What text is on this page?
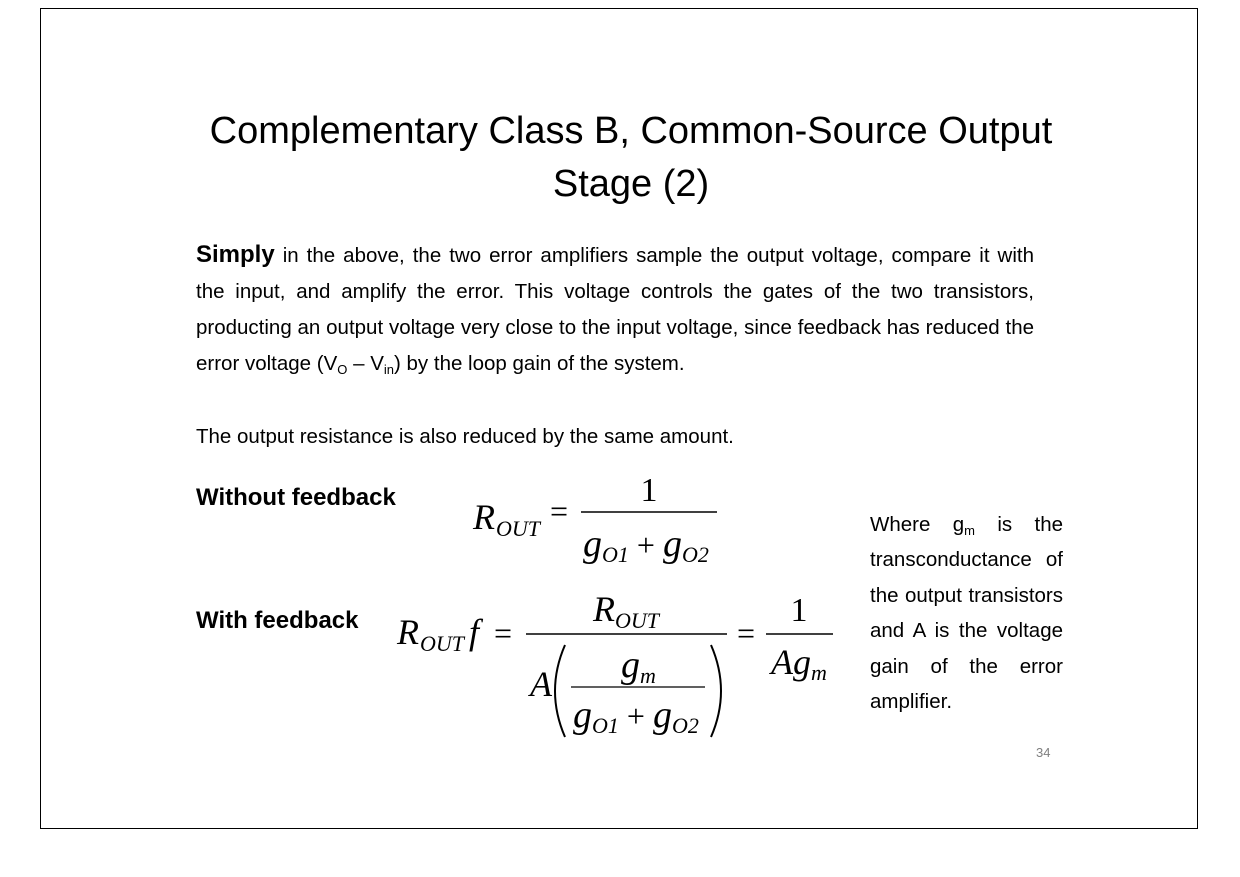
Complementary Class B, Common-Source Output Stage (2)
Simply in the above, the two error amplifiers sample the output voltage, compare it with the input, and amplify the error. This voltage controls the gates of the two transistors, producting an output voltage very close to the input voltage, since feedback has reduced the error voltage $(V_O - V_{in})$ by the loop gain of the system.
The output resistance is also reduced by the same amount.
Without feedback
With feedback
R OUT =
1
gO1 + gO2
R OUT f =
ROUT
A gm
gO1 + gO2
=
1
Agm
Where $g_m$ is the transconductance of the output transistors and A is the voltage gain of the error amplifier.
34
